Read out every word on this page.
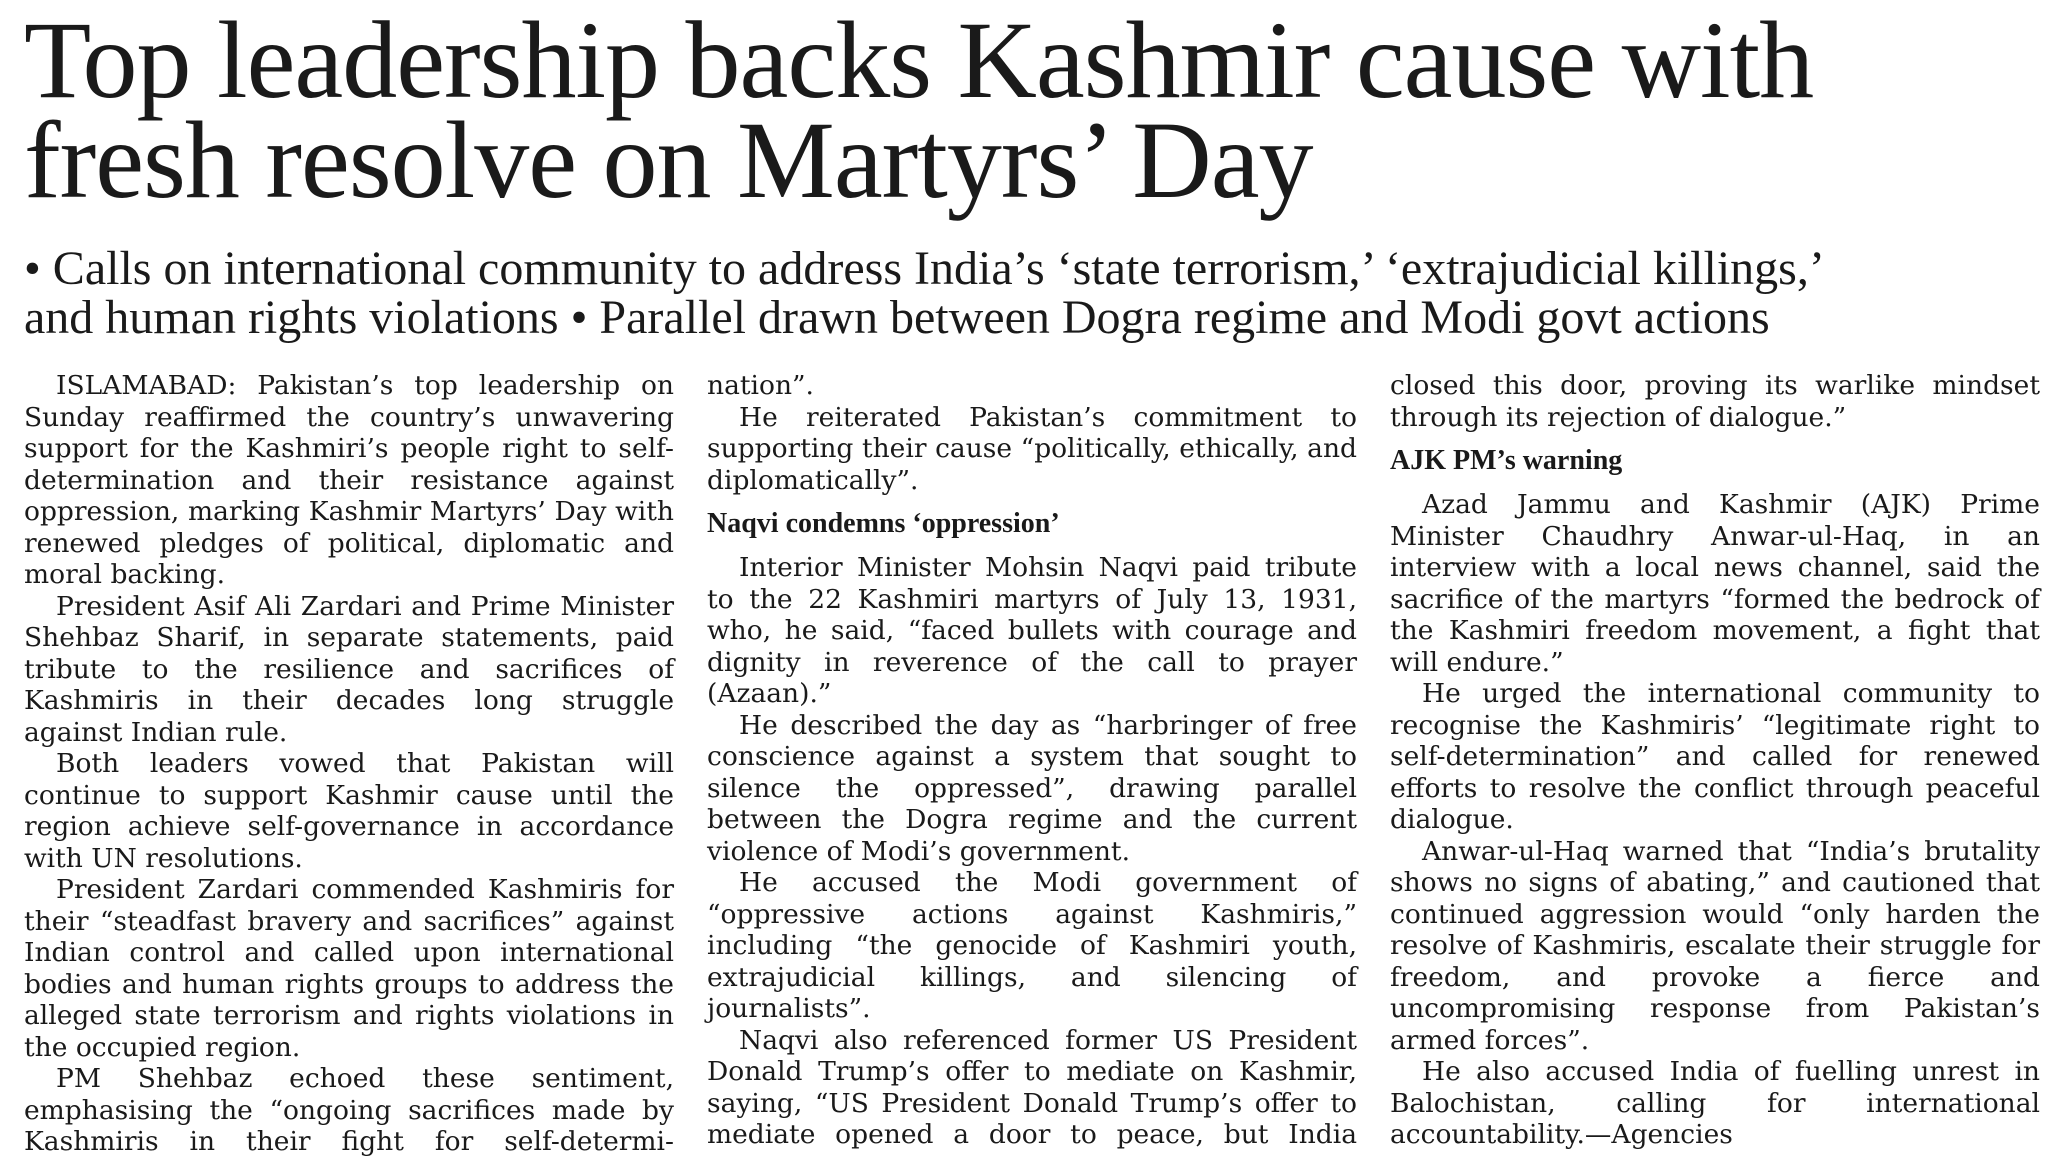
Top leadership backs Kashmir cause with
fresh resolve on Martyrs’ Day
• Calls on international community to address India’s ‘state terrorism,’ ‘extrajudicial killings,’
and human rights violations • Parallel drawn between Dogra regime and Modi govt actions

ISLAMABAD: Pakistan’s top leadership on Sunday reaffirmed the country’s unwavering support for the Kashmiri’s people right to self-determination and their resistance against oppression, marking Kashmir Martyrs’ Day with renewed pledges of political, diplomatic and moral backing.

President Asif Ali Zardari and Prime Minister Shehbaz Sharif, in separate statements, paid tribute to the resilience and sacrifices of Kashmiris in their decades long struggle against Indian rule.

Both leaders vowed that Pakistan will continue to support Kashmir cause until the region achieve self-governance in accordance with UN resolutions.

President Zardari commended Kashmiris for their “steadfast bravery and sacrifices” against Indian control and called upon international bodies and human rights groups to address the alleged state terrorism and rights violations in the occupied region.

PM Shehbaz echoed these sentiment, emphasising the “ongoing sacrifices made by Kashmiris in their fight for self-determi-

nation”.

He reiterated Pakistan’s commitment to supporting their cause “politically, ethically, and diplomatically”.

Naqvi condemns ‘oppression’

Interior Minister Mohsin Naqvi paid tribute to the 22 Kashmiri martyrs of July 13, 1931, who, he said, “faced bullets with courage and dignity in reverence of the call to prayer (Azaan).”

He described the day as “harbringer of free conscience against a system that sought to silence the oppressed”, drawing parallel between the Dogra regime and the current violence of Modi’s government.

He accused the Modi government of “oppressive actions against Kashmiris,” including “the genocide of Kashmiri youth, extrajudicial killings, and silencing of journalists”.

Naqvi also referenced former US President Donald Trump’s offer to mediate on Kashmir, saying, “US President Donald Trump’s offer to mediate opened a door to peace, but India

closed this door, proving its warlike mindset through its rejection of dialogue.”

AJK PM’s warning

Azad Jammu and Kashmir (AJK) Prime Minister Chaudhry Anwar-ul-Haq, in an interview with a local news channel, said the sacrifice of the martyrs “formed the bedrock of the Kashmiri freedom movement, a fight that will endure.”

He urged the international community to recognise the Kashmiris’ “legitimate right to self-determination” and called for renewed efforts to resolve the conflict through peaceful dialogue.

Anwar-ul-Haq warned that “India’s brutality shows no signs of abating,” and cautioned that continued aggression would “only harden the resolve of Kashmiris, escalate their struggle for freedom, and provoke a fierce and uncompromising response from Pakistan’s armed forces”.

He also accused India of fuelling unrest in Balochistan, calling for international accountability.—Agencies
